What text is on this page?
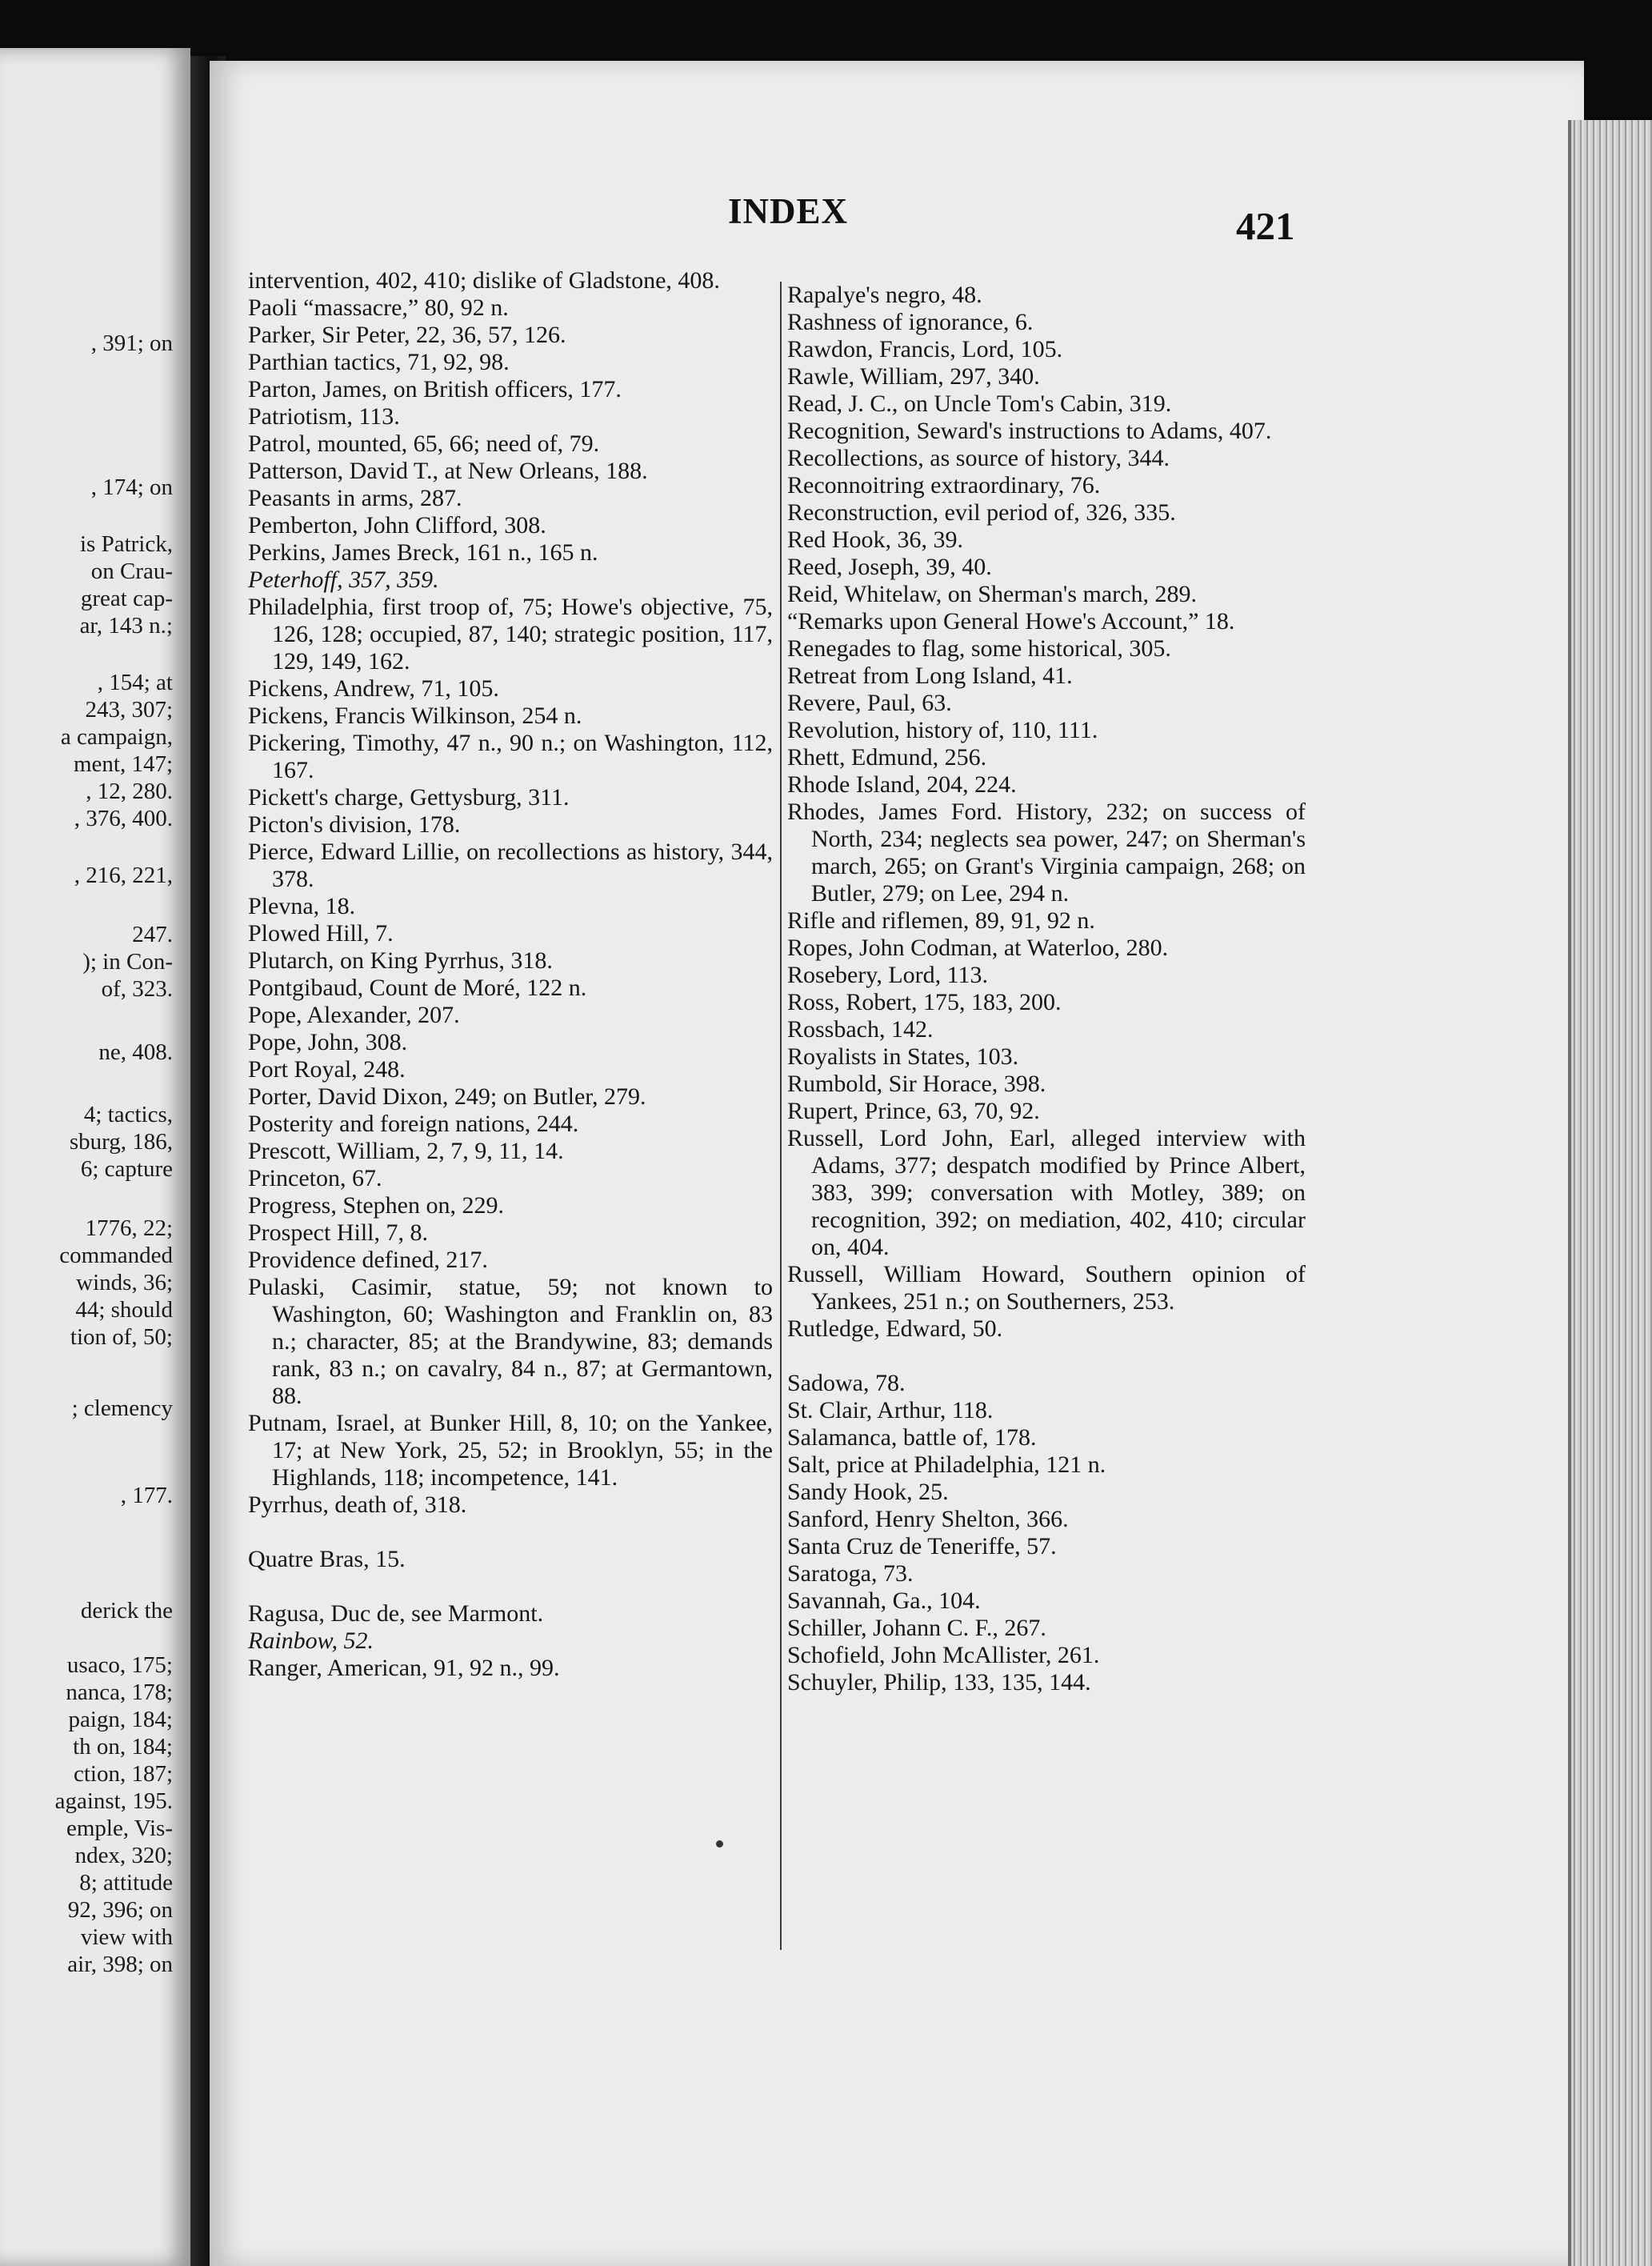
, 391; on
, 174; on
is Patrick,
on Crau-
great cap-
ar, 143 n.;
, 154; at
243, 307;
a campaign,
ment, 147;
, 12, 280.
, 376, 400.
, 216, 221,
247.
); in Con-
of, 323.
ne, 408.
4; tactics,
sburg, 186,
6; capture
1776, 22;
commanded
winds, 36;
44; should
tion of, 50;
; clemency
, 177.
derick the
usaco, 175;
nanca, 178;
paign, 184;
th on, 184;
ction, 187;
against, 195.
emple, Vis-
ndex, 320;
8; attitude
92, 396; on
view with
air, 398; on
INDEX	421
intervention, 402, 410; dislike of Gladstone, 408.
Paoli “massacre,” 80, 92 n.
Parker, Sir Peter, 22, 36, 57, 126.
Parthian tactics, 71, 92, 98.
Parton, James, on British officers, 177.
Patriotism, 113.
Patrol, mounted, 65, 66; need of, 79.
Patterson, David T., at New Orleans, 188.
Peasants in arms, 287.
Pemberton, John Clifford, 308.
Perkins, James Breck, 161 n., 165 n.
Peterhoff, 357, 359.
Philadelphia, first troop of, 75; Howe's objective, 75, 126, 128; occupied, 87, 140; strategic position, 117, 129, 149, 162.
Pickens, Andrew, 71, 105.
Pickens, Francis Wilkinson, 254 n.
Pickering, Timothy, 47 n., 90 n.; on Washington, 112, 167.
Pickett's charge, Gettysburg, 311.
Picton's division, 178.
Pierce, Edward Lillie, on recollections as history, 344, 378.
Plevna, 18.
Plowed Hill, 7.
Plutarch, on King Pyrrhus, 318.
Pontgibaud, Count de Moré, 122 n.
Pope, Alexander, 207.
Pope, John, 308.
Port Royal, 248.
Porter, David Dixon, 249; on Butler, 279.
Posterity and foreign nations, 244.
Prescott, William, 2, 7, 9, 11, 14.
Princeton, 67.
Progress, Stephen on, 229.
Prospect Hill, 7, 8.
Providence defined, 217.
Pulaski, Casimir, statue, 59; not known to Washington, 60; Washington and Franklin on, 83 n.; character, 85; at the Brandywine, 83; demands rank, 83 n.; on cavalry, 84 n., 87; at Germantown, 88.
Putnam, Israel, at Bunker Hill, 8, 10; on the Yankee, 17; at New York, 25, 52; in Brooklyn, 55; in the Highlands, 118; incompetence, 141.
Pyrrhus, death of, 318.
Quatre Bras, 15.
Ragusa, Duc de, see Marmont.
Rainbow, 52.
Ranger, American, 91, 92 n., 99.
Rapalye's negro, 48.
Rashness of ignorance, 6.
Rawdon, Francis, Lord, 105.
Rawle, William, 297, 340.
Read, J. C., on Uncle Tom's Cabin, 319.
Recognition, Seward's instructions to Adams, 407.
Recollections, as source of history, 344.
Reconnoitring extraordinary, 76.
Reconstruction, evil period of, 326, 335.
Red Hook, 36, 39.
Reed, Joseph, 39, 40.
Reid, Whitelaw, on Sherman's march, 289.
“Remarks upon General Howe's Account,” 18.
Renegades to flag, some historical, 305.
Retreat from Long Island, 41.
Revere, Paul, 63.
Revolution, history of, 110, 111.
Rhett, Edmund, 256.
Rhode Island, 204, 224.
Rhodes, James Ford. History, 232; on success of North, 234; neglects sea power, 247; on Sherman's march, 265; on Grant's Virginia campaign, 268; on Butler, 279; on Lee, 294 n.
Rifle and riflemen, 89, 91, 92 n.
Ropes, John Codman, at Waterloo, 280.
Rosebery, Lord, 113.
Ross, Robert, 175, 183, 200.
Rossbach, 142.
Royalists in States, 103.
Rumbold, Sir Horace, 398.
Rupert, Prince, 63, 70, 92.
Russell, Lord John, Earl, alleged interview with Adams, 377; despatch modified by Prince Albert, 383, 399; conversation with Motley, 389; on recognition, 392; on mediation, 402, 410; circular on, 404.
Russell, William Howard, Southern opinion of Yankees, 251 n.; on Southerners, 253.
Rutledge, Edward, 50.
Sadowa, 78.
St. Clair, Arthur, 118.
Salamanca, battle of, 178.
Salt, price at Philadelphia, 121 n.
Sandy Hook, 25.
Sanford, Henry Shelton, 366.
Santa Cruz de Teneriffe, 57.
Saratoga, 73.
Savannah, Ga., 104.
Schiller, Johann C. F., 267.
Schofield, John McAllister, 261.
Schuyler, Philip, 133, 135, 144.
